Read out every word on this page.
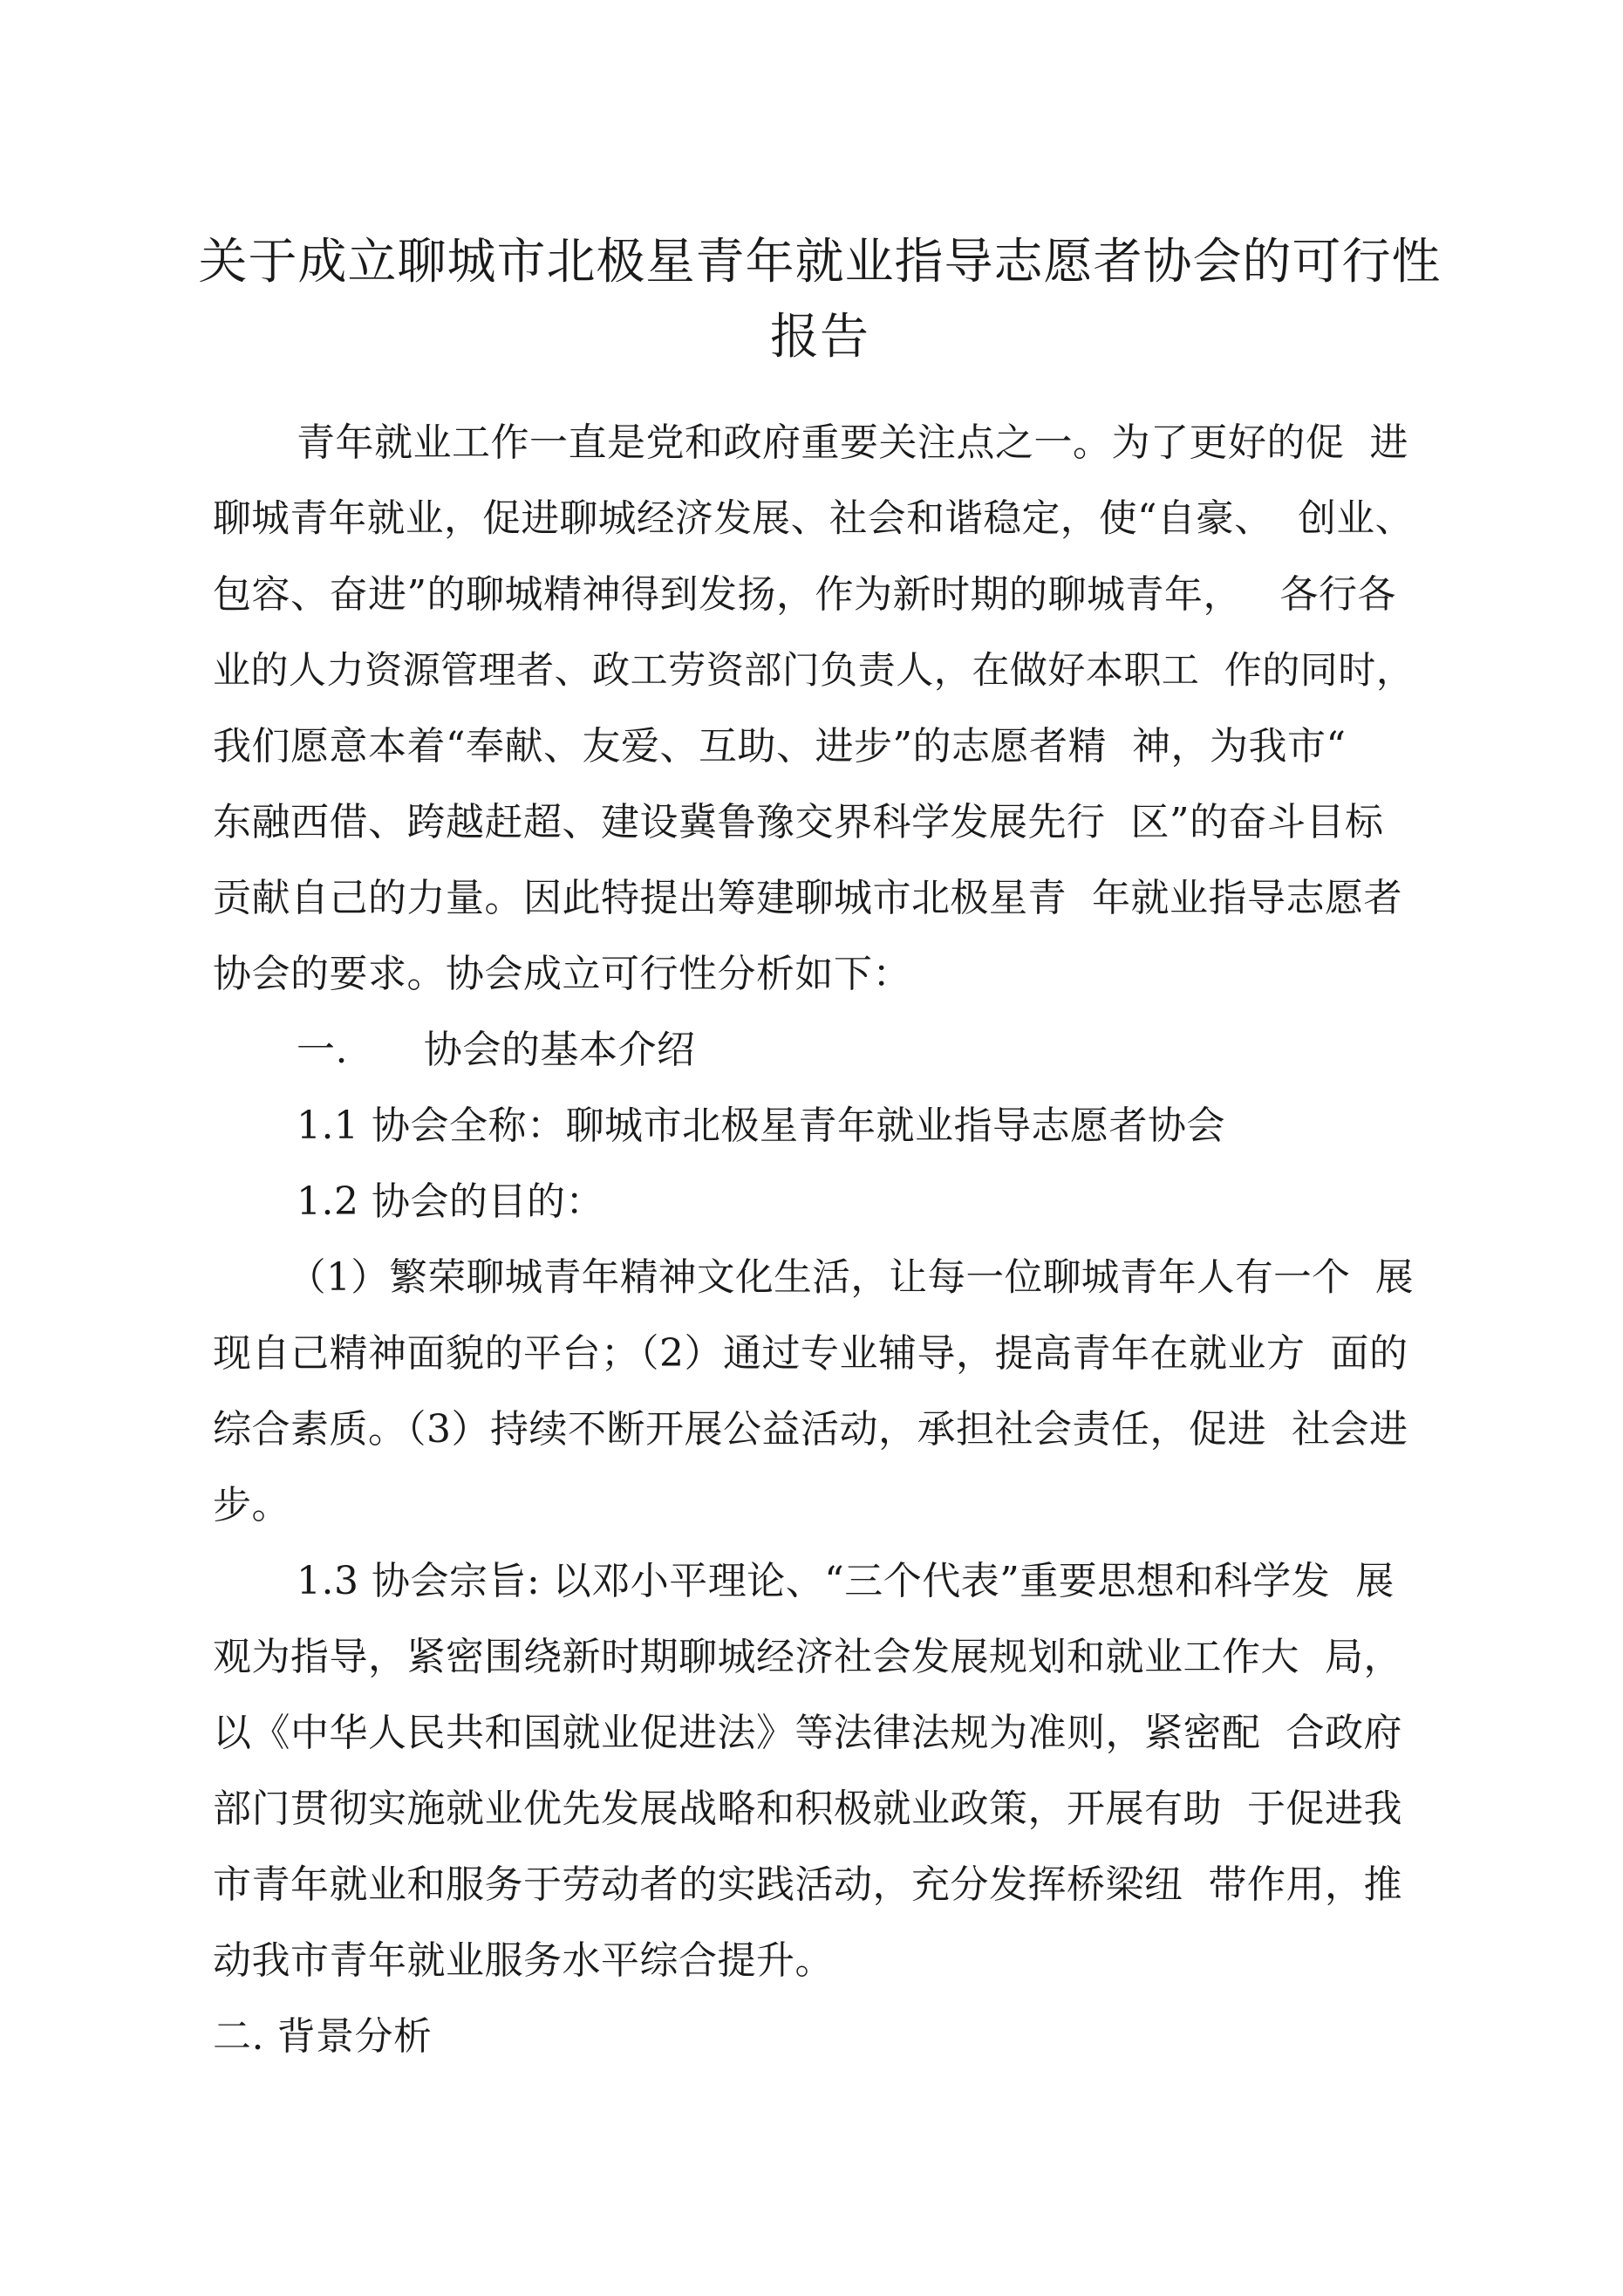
关于成立聊城市北极星青年就业指导志愿者协会的可行性
报告

青年就业工作一直是党和政府重要关注点之一。为了更好的促  进

聊城青年就业，促进聊城经济发展、社会和谐稳定，使“自豪、  创业、

包容、奋进”的聊城精神得到发扬，作为新时期的聊城青年，   各行各

业的人力资源管理者、政工劳资部门负责人，在做好本职工  作的同时，

我们愿意本着“奉献、友爱、互助、进步”的志愿者精  神，为我市“

东融西借、跨越赶超、建设冀鲁豫交界科学发展先行  区”的奋斗目标

贡献自己的力量。因此特提出筹建聊城市北极星青  年就业指导志愿者

协会的要求。协会成立可行性分析如下：

一.      协会的基本介绍

1.1 协会全称：聊城市北极星青年就业指导志愿者协会

1.2 协会的目的：

（1）繁荣聊城青年精神文化生活，让每一位聊城青年人有一个  展

现自己精神面貌的平台；（2）通过专业辅导，提高青年在就业方  面的

综合素质。（3）持续不断开展公益活动，承担社会责任，促进  社会进

步。

1.3 协会宗旨: 以邓小平理论、“三个代表”重要思想和科学发  展

观为指导，紧密围绕新时期聊城经济社会发展规划和就业工作大  局，

以《中华人民共和国就业促进法》等法律法规为准则，紧密配  合政府

部门贯彻实施就业优先发展战略和积极就业政策，开展有助  于促进我

市青年就业和服务于劳动者的实践活动，充分发挥桥梁纽  带作用，推

动我市青年就业服务水平综合提升。

二. 背景分析
